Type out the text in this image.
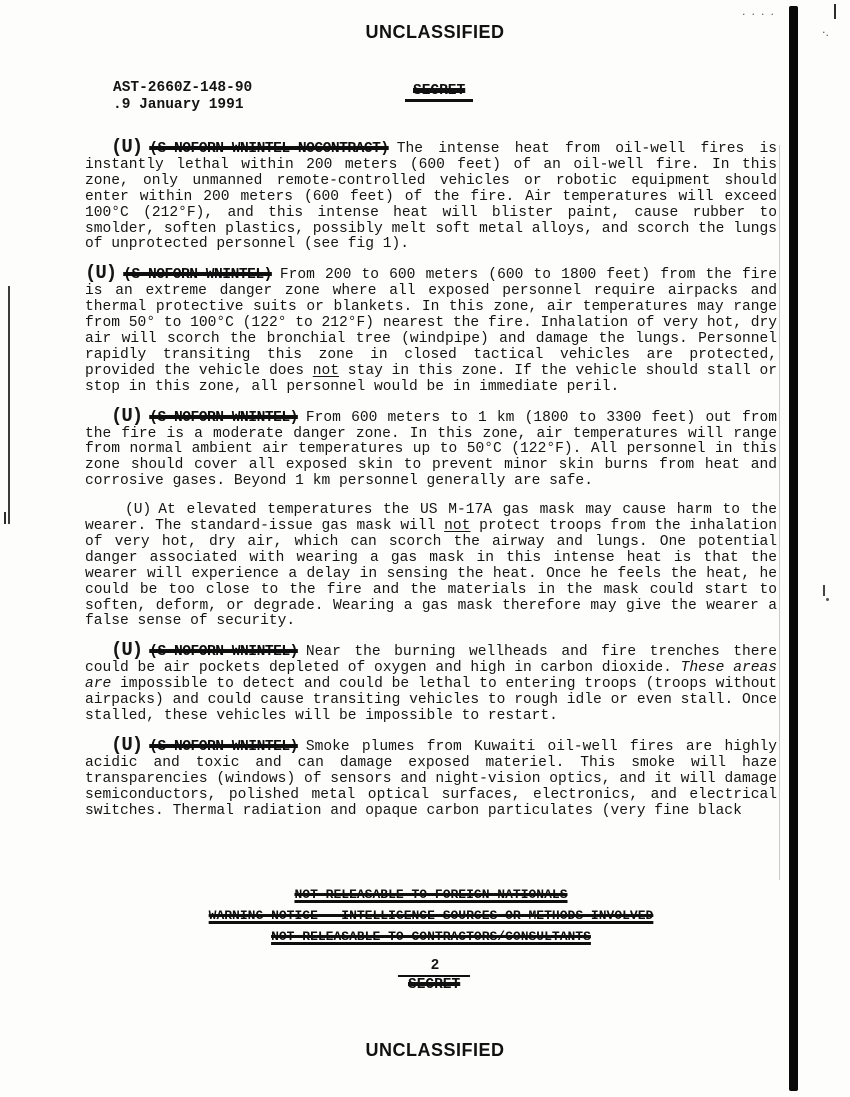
UNCLASSIFIED
AST-2660Z-148-90
.9 January 1991
SECRET

(U) (S-NOFORN-WNINTEL-NOCONTRACT) The intense heat from oil-well fires is instantly lethal within 200 meters (600 feet) of an oil-well fire. In this zone, only unmanned remote-controlled vehicles or robotic equipment should enter within 200 meters (600 feet) of the fire. Air temperatures will exceed 100°C (212°F), and this intense heat will blister paint, cause rubber to smolder, soften plastics, possibly melt soft metal alloys, and scorch the lungs of unprotected personnel (see fig 1).

(U) (S-NOFORN-WNINTEL) From 200 to 600 meters (600 to 1800 feet) from the fire is an extreme danger zone where all exposed personnel require airpacks and thermal protective suits or blankets. In this zone, air temperatures may range from 50° to 100°C (122° to 212°F) nearest the fire. Inhalation of very hot, dry air will scorch the bronchial tree (windpipe) and damage the lungs. Personnel rapidly transiting this zone in closed tactical vehicles are protected, provided the vehicle does not stay in this zone. If the vehicle should stall or stop in this zone, all personnel would be in immediate peril.

(U) (S-NOFORN-WNINTEL) From 600 meters to 1 km (1800 to 3300 feet) out from the fire is a moderate danger zone. In this zone, air temperatures will range from normal ambient air temperatures up to 50°C (122°F). All personnel in this zone should cover all exposed skin to prevent minor skin burns from heat and corrosive gases. Beyond 1 km personnel generally are safe.

(U) At elevated temperatures the US M-17A gas mask may cause harm to the wearer. The standard-issue gas mask will not protect troops from the inhalation of very hot, dry air, which can scorch the airway and lungs. One potential danger associated with wearing a gas mask in this intense heat is that the wearer will experience a delay in sensing the heat. Once he feels the heat, he could be too close to the fire and the materials in the mask could start to soften, deform, or degrade. Wearing a gas mask therefore may give the wearer a false sense of security.

(U) (S-NOFORN-WNINTEL) Near the burning wellheads and fire trenches there could be air pockets depleted of oxygen and high in carbon dioxide. These areas are impossible to detect and could be lethal to entering troops (troops without airpacks) and could cause transiting vehicles to rough idle or even stall. Once stalled, these vehicles will be impossible to restart.

(U) (S-NOFORN-WNINTEL) Smoke plumes from Kuwaiti oil-well fires are highly acidic and toxic and can damage exposed materiel. This smoke will haze transparencies (windows) of sensors and night-vision optics, and it will damage semiconductors, polished metal optical surfaces, electronics, and electrical switches. Thermal radiation and opaque carbon particulates (very fine black

NOT RELEASABLE TO FOREIGN NATIONALS
WARNING NOTICE - INTELLIGENCE SOURCES OR METHODS INVOLVED
NOT RELEASABLE TO CONTRACTORS/CONSULTANTS
2
SECRET
UNCLASSIFIED
····
·.
